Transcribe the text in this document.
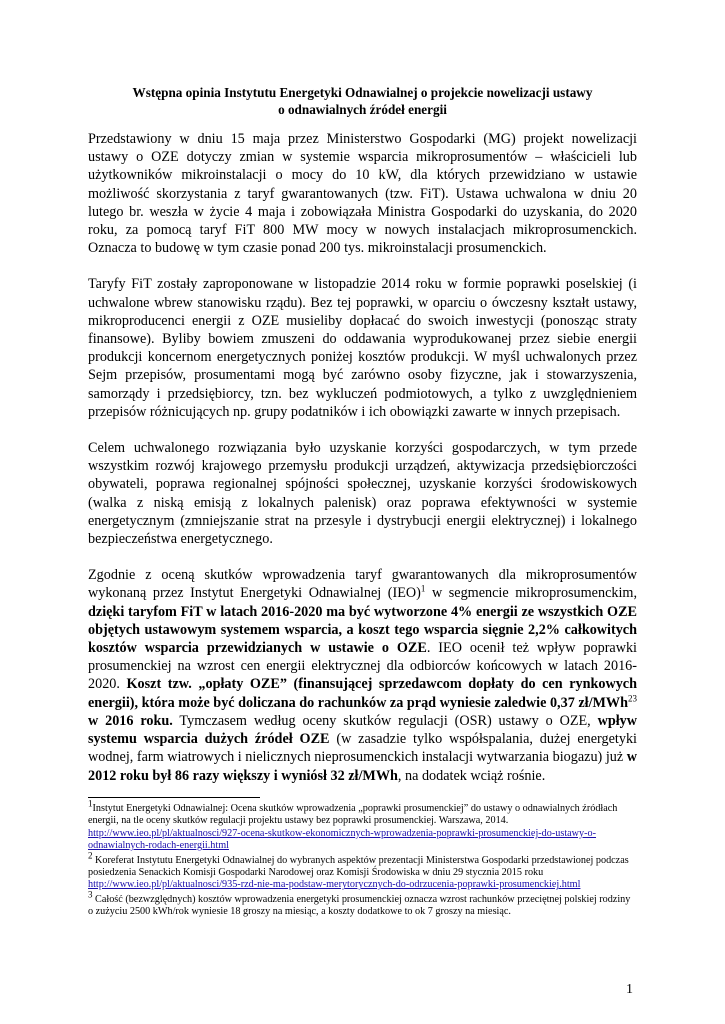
Wstępna opinia Instytutu Energetyki Odnawialnej o projekcie nowelizacji ustawy
o odnawialnych źródeł energii

Przedstawiony w dniu 15 maja przez Ministerstwo Gospodarki (MG) projekt nowelizacji ustawy o OZE dotyczy zmian w systemie wsparcia mikroprosumentów – właścicieli lub użytkowników mikroinstalacji o mocy do 10 kW, dla których przewidziano w ustawie możliwość skorzystania z taryf gwarantowanych (tzw. FiT). Ustawa uchwalona w dniu 20 lutego br. weszła w życie 4 maja i zobowiązała Ministra Gospodarki do uzyskania, do 2020 roku, za pomocą taryf FiT 800 MW mocy w nowych instalacjach mikroprosumenckich. Oznacza to budowę w tym czasie ponad 200 tys. mikroinstalacji prosumenckich.

Taryfy FiT zostały zaproponowane w listopadzie 2014 roku w formie poprawki poselskiej (i uchwalone wbrew stanowisku rządu). Bez tej poprawki, w oparciu o ówczesny kształt ustawy, mikroproducenci energii z OZE musieliby dopłacać do swoich inwestycji (ponosząc straty finansowe). Byliby bowiem zmuszeni do oddawania wyprodukowanej przez siebie energii produkcji koncernom energetycznych poniżej kosztów produkcji. W myśl uchwalonych przez Sejm przepisów, prosumentami mogą być zarówno osoby fizyczne, jak i stowarzyszenia, samorządy i przedsiębiorcy, tzn. bez wykluczeń podmiotowych, a tylko z uwzględnieniem przepisów różnicujących np. grupy podatników i ich obowiązki zawarte w innych przepisach.

Celem uchwalonego rozwiązania było uzyskanie korzyści gospodarczych, w tym przede wszystkim rozwój krajowego przemysłu produkcji urządzeń, aktywizacja przedsiębiorczości obywateli, poprawa regionalnej spójności społecznej, uzyskanie korzyści środowiskowych (walka z niską emisją z lokalnych palenisk) oraz poprawa efektywności w systemie energetycznym (zmniejszanie strat na przesyle i dystrybucji energii elektrycznej) i lokalnego bezpieczeństwa energetycznego.

Zgodnie z oceną skutków wprowadzenia taryf gwarantowanych dla mikroprosumentów wykonaną przez Instytut Energetyki Odnawialnej (IEO)$^1$ w segmencie mikroprosumenckim, dzięki taryfom FiT w latach 2016-2020 ma być wytworzone 4% energii ze wszystkich OZE objętych ustawowym systemem wsparcia, a koszt tego wsparcia sięgnie 2,2% całkowitych kosztów wsparcia przewidzianych w ustawie o OZE. IEO ocenił też wpływ poprawki prosumenckiej na wzrost cen energii elektrycznej dla odbiorców końcowych w latach 2016-2020. Koszt tzw. „opłaty OZE” (finansującej sprzedawcom dopłaty do cen rynkowych energii), która może być doliczana do rachunków za prąd wyniesie zaledwie 0,37 zł/MWh$^{23}$ w 2016 roku. Tymczasem według oceny skutków regulacji (OSR) ustawy o OZE, wpływ systemu wsparcia dużych źródeł OZE (w zasadzie tylko współspalania, dużej energetyki wodnej, farm wiatrowych i nielicznych nieprosumenckich instalacji wytwarzania biogazu) już w 2012 roku był 86 razy większy i wyniósł 32 zł/MWh, na dodatek wciąż rośnie.

$^1$Instytut Energetyki Odnawialnej: Ocena skutków wprowadzenia „poprawki prosumenckiej” do ustawy o odnawialnych źródłach energii, na tle oceny skutków regulacji projektu ustawy bez poprawki prosumenckiej. Warszawa, 2014. http://www.ieo.pl/pl/aktualnosci/927-ocena-skutkow-ekonomicznych-wprowadzenia-poprawki-prosumenckiej-do-ustawy-o-odnawialnych-rodach-energii.html
$^2$ Koreferat Instytutu Energetyki Odnawialnej do wybranych aspektów prezentacji Ministerstwa Gospodarki przedstawionej podczas posiedzenia Senackich Komisji Gospodarki Narodowej oraz Komisji Środowiska w dniu 29 stycznia 2015 roku http://www.ieo.pl/pl/aktualnosci/935-rzd-nie-ma-podstaw-merytorycznych-do-odrzucenia-poprawki-prosumenckiej.html
$^3$ Całość (bezwzględnych) kosztów wprowadzenia energetyki prosumenckiej oznacza wzrost rachunków przeciętnej polskiej rodziny o zużyciu 2500 kWh/rok wyniesie 18 groszy na miesiąc, a koszty dodatkowe to ok 7 groszy na miesiąc.
1
